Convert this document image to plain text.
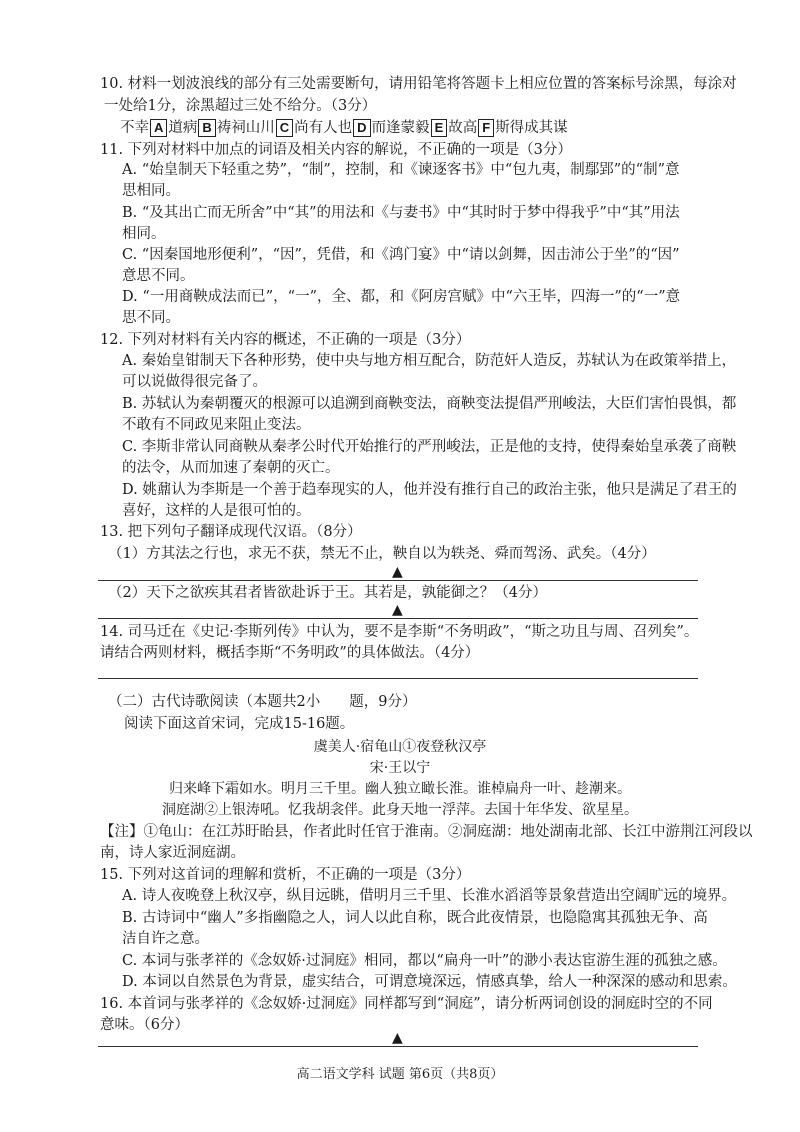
10. 材料一划波浪线的部分有三处需要断句，请用铅笔将答题卡上相应位置的答案标号涂黑，每涂对
一处给1分，涂黑超过三处不给分。（3分）
不幸 A 道病 B 祷祠山川 C 尚有人也 D 而逢蒙毅 E 故高 F 斯得成其谋
11. 下列对材料中加点的词语及相关内容的解说，不正确的一项是（3分）
A. “始皇制天下轻重之势”，“制”，控制，和《谏逐客书》中“包九夷，制鄢郢”的“制”意
思相同。
B. “及其出亡而无所舍”中“其”的用法和《与妻书》中“其时时于梦中得我乎”中“其”用法
相同。
C. “因秦国地形便利”，“因”，凭借，和《鸿门宴》中“请以剑舞，因击沛公于坐”的“因”
意思不同。
D. “一用商鞅成法而已”，“一”，全、都，和《阿房宫赋》中“六王毕，四海一”的“一”意
思不同。
12. 下列对材料有关内容的概述，不正确的一项是（3分）
A. 秦始皇钳制天下各种形势，使中央与地方相互配合，防范奸人造反，苏轼认为在政策举措上，
可以说做得很完备了。
B. 苏轼认为秦朝覆灭的根源可以追溯到商鞅变法，商鞅变法提倡严刑峻法，大臣们害怕畏惧，都
不敢有不同政见来阻止变法。
C. 李斯非常认同商鞅从秦孝公时代开始推行的严刑峻法，正是他的支持，使得秦始皇承袭了商鞅
的法令，从而加速了秦朝的灭亡。
D. 姚鼐认为李斯是一个善于趋奉现实的人，他并没有推行自己的政治主张，他只是满足了君王的
喜好，这样的人是很可怕的。
13. 把下列句子翻译成现代汉语。（8分）
（1）方其法之行也，求无不获，禁无不止，鞅自以为轶尧、舜而驾汤、武矣。（4分）
▲
（2）天下之欲疾其君者皆欲赴诉于王。其若是，孰能御之？（4分）
▲
14. 司马迁在《史记·李斯列传》中认为，要不是李斯“不务明政”，“斯之功且与周、召列矣”。
请结合两则材料，概括李斯“不务明政”的具体做法。（4分）
（二）古代诗歌阅读（本题共2小　　题，9分）
阅读下面这首宋词，完成15-16题。
虞美人·宿龟山①夜登秋汉亭
宋·王以宁
归来峰下霜如水。明月三千里。幽人独立瞰长淮。谁棹扁舟一叶、趁潮来。
洞庭湖②上银涛吼。忆我胡衾伴。此身天地一浮萍。去国十年华发、欲星星。
【注】①龟山：在江苏盱眙县，作者此时任官于淮南。②洞庭湖：地处湖南北部、长江中游荆江河段以
南，诗人家近洞庭湖。
15. 下列对这首词的理解和赏析，不正确的一项是（3分）
A. 诗人夜晚登上秋汉亭，纵目远眺，借明月三千里、长淮水滔滔等景象营造出空阔旷远的境界。
B. 古诗词中“幽人”多指幽隐之人，词人以此自称，既合此夜情景，也隐隐寓其孤独无争、高
洁自许之意。
C. 本词与张孝祥的《念奴娇·过洞庭》相同，都以“扁舟一叶”的渺小表达宦游生涯的孤独之感。
D. 本词以自然景色为背景，虚实结合，可谓意境深远，情感真挚，给人一种深深的感动和思索。
16. 本首词与张孝祥的《念奴娇·过洞庭》同样都写到“洞庭”，请分析两词创设的洞庭时空的不同
意味。（6分）
▲
高二语文学科 试题 第6页（共8页）
